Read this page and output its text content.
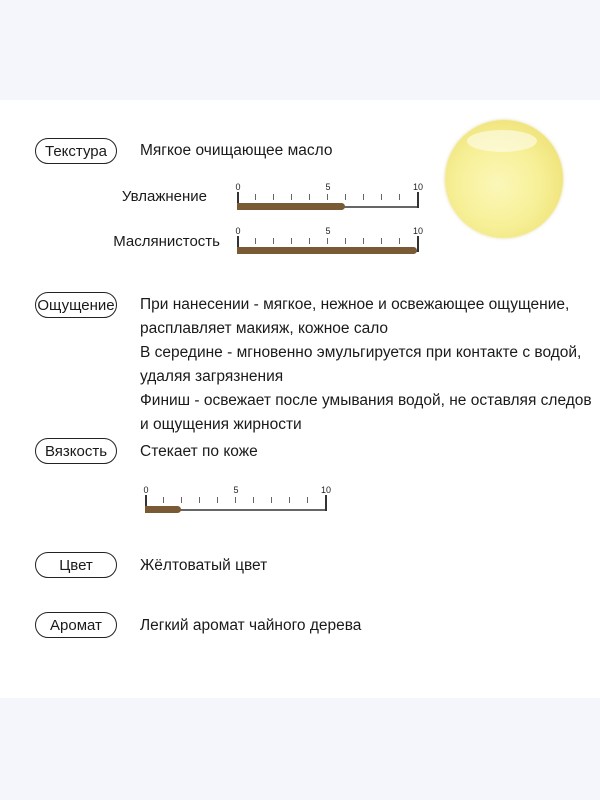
Текстура	Мягкое очищающее масло
Увлажнение
0	5	10
Маслянистость
0	5	10
Ощущение При нанесении - мягкое, нежное и освежающее ощущение,
расплавляет макияж, кожное сало
В середине - мгновенно эмульгируется при контакте с водой,
удаляя загрязнения
Финиш - освежает после умывания водой, не оставляя следов
и ощущения жирности
Вязкость	Стекает по коже
0	5	10
Цвет	Жёлтоватый цвет
Аромат	Легкий аромат чайного дерева
